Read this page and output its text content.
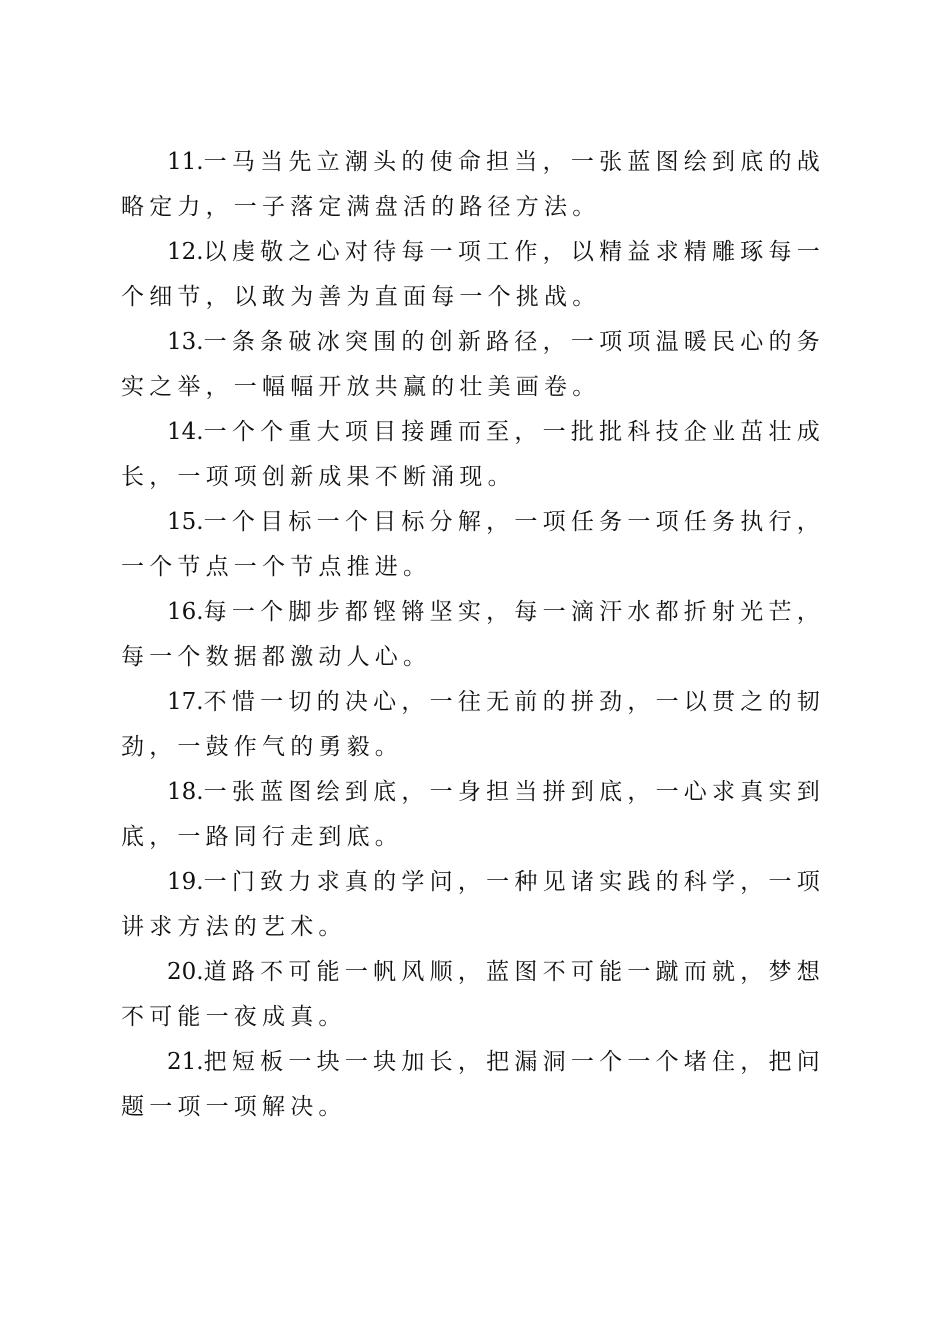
11.一马当先立潮头的使命担当，一张蓝图绘到底的战略定力，一子落定满盘活的路径方法。

12.以虔敬之心对待每一项工作，以精益求精雕琢每一个细节，以敢为善为直面每一个挑战。

13.一条条破冰突围的创新路径，一项项温暖民心的务实之举，一幅幅开放共赢的壮美画卷。

14.一个个重大项目接踵而至，一批批科技企业茁壮成长，一项项创新成果不断涌现。

15.一个目标一个目标分解，一项任务一项任务执行，一个节点一个节点推进。

16.每一个脚步都铿锵坚实，每一滴汗水都折射光芒，每一个数据都激动人心。

17.不惜一切的决心，一往无前的拼劲，一以贯之的韧劲，一鼓作气的勇毅。

18.一张蓝图绘到底，一身担当拼到底，一心求真实到底，一路同行走到底。

19.一门致力求真的学问，一种见诸实践的科学，一项讲求方法的艺术。

20.道路不可能一帆风顺，蓝图不可能一蹴而就，梦想不可能一夜成真。

21.把短板一块一块加长，把漏洞一个一个堵住，把问题一项一项解决。
